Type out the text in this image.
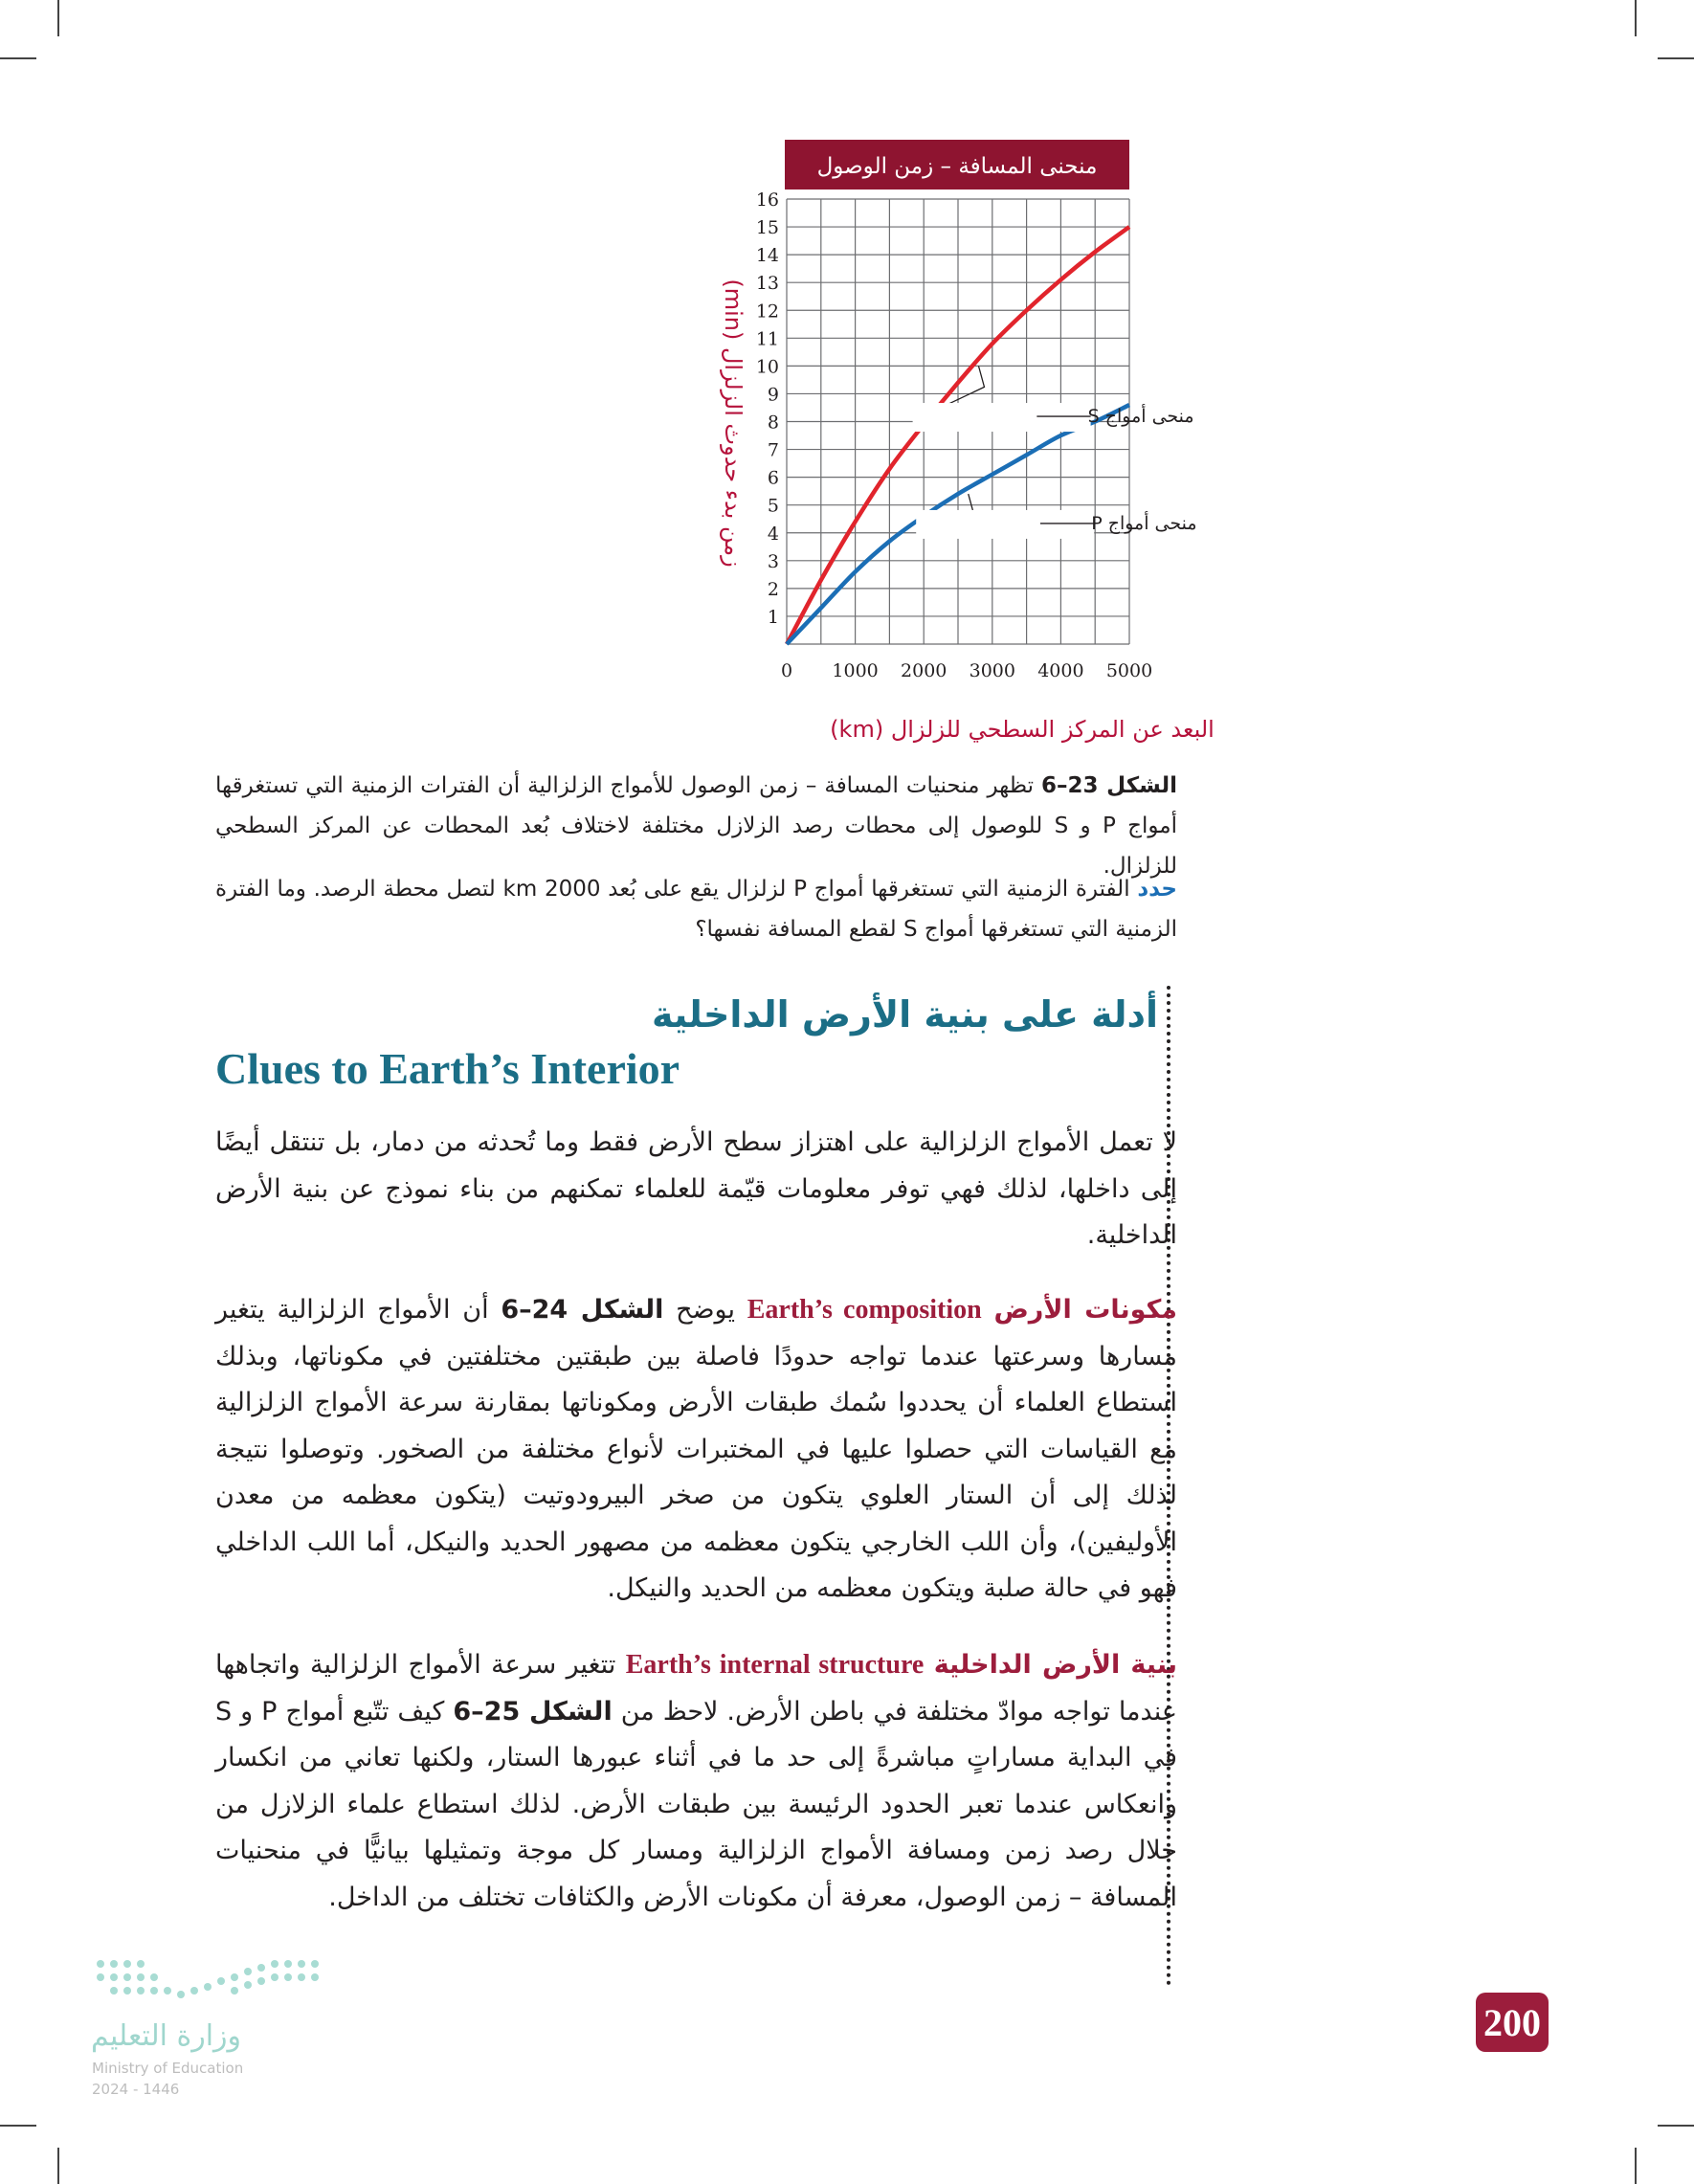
منحنى المسافة – زمن الوصول
1
2
3
4
5
6
7
8
9
10
11
12
13
14
15
16
0 1000 2000 3000 4000 5000
منحى أمواج S
منحى أمواج P
زمن بدء حدوث الزلزال (min)
البعد عن المركز السطحي للزلزال (km)
الشكل 23–6 تظهر منحنيات المسافة – زمن الوصول للأمواج الزلزالية أن الفترات الزمنية التي تستغرقها أمواج P و S للوصول إلى محطات رصد الزلازل مختلفة لاختلاف بُعد المحطات عن المركز السطحي للزلزال.
حدد الفترة الزمنية التي تستغرقها أمواج P لزلزال يقع على بُعد 2000 km لتصل محطة الرصد. وما الفترة الزمنية التي تستغرقها أمواج S لقطع المسافة نفسها؟
أدلة على بنية الأرض الداخلية
Clues to Earth’s Interior
لا تعمل الأمواج الزلزالية على اهتزاز سطح الأرض فقط وما تُحدثه من دمار، بل تنتقل أيضًا إلى داخلها، لذلك فهي توفر معلومات قيّمة للعلماء تمكنهم من بناء نموذج عن بنية الأرض الداخلية.
مكونات الأرض Earth’s composition يوضح الشكل 24–6 أن الأمواج الزلزالية يتغير مسارها وسرعتها عندما تواجه حدودًا فاصلة بين طبقتين مختلفتين في مكوناتها، وبذلك استطاع العلماء أن يحددوا سُمك طبقات الأرض ومكوناتها بمقارنة سرعة الأمواج الزلزالية مع القياسات التي حصلوا عليها في المختبرات لأنواع مختلفة من الصخور. وتوصلوا نتيجة لذلك إلى أن الستار العلوي يتكون من صخر البيرودوتيت (يتكون معظمه من معدن الأوليفين)، وأن اللب الخارجي يتكون معظمه من مصهور الحديد والنيكل، أما اللب الداخلي فهو في حالة صلبة ويتكون معظمه من الحديد والنيكل.
بنية الأرض الداخلية Earth’s internal structure تتغير سرعة الأمواج الزلزالية واتجاهها عندما تواجه موادّ مختلفة في باطن الأرض. لاحظ من الشكل 25–6 كيف تتّبع أمواج P و S في البداية مساراتٍ مباشرةً إلى حد ما في أثناء عبورها الستار، ولكنها تعاني من انكسار وانعكاس عندما تعبر الحدود الرئيسة بين طبقات الأرض. لذلك استطاع علماء الزلازل من خلال رصد زمن ومسافة الأمواج الزلزالية ومسار كل موجة وتمثيلها بيانيًّا في منحنيات المسافة – زمن الوصول، معرفة أن مكونات الأرض والكثافات تختلف من الداخل.
200
وزارة التعليم
Ministry of Education
2024 - 1446
